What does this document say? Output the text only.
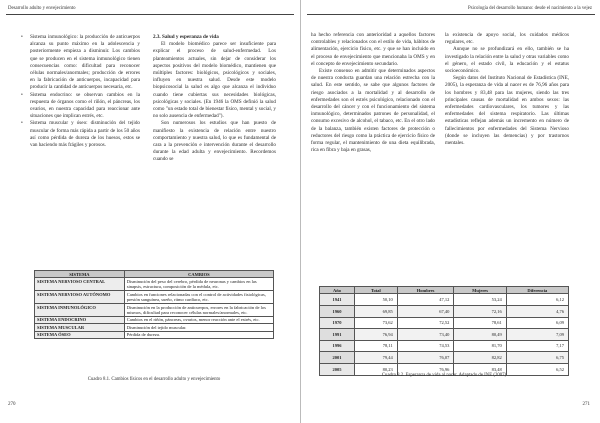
Desarrollo adulto y envejecimiento
• Sistema inmunológico: la producción de anticuerpos alcanza su punto máximo en la adolescencia y posteriormente empieza a disminuir. Los cambios que se producen en el sistema inmunológico tienen consecuencias como: dificultad para reconocer células normales/anormales; producción de errores en la fabricación de anticuerpos, incapacidad para producir la cantidad de anticuerpos necesaria, etc.
• Sistema endocrino: se observan cambios en la respuesta de órganos como el riñón, el páncreas, los ovarios, en nuestra capacidad para reaccionar ante situaciones que implican estrés, etc.
• Sistema muscular y óseo: disminución del tejido muscular de forma más rápida a partir de los 50 años así como pérdida de dureza de los huesos, estos se van haciendo más frágiles y porosos.

2.3. Salud y esperanza de vida

El modelo biomédico parece ser insuficiente para explicar el proceso de salud-enfermedad. Los planteamientos actuales, sin dejar de considerar los aspectos positivos del modelo biomédico, mantienen que múltiples factores: biológicos, psicológicos y sociales, influyen en nuestra salud. Desde este modelo biopsicosocial la salud es algo que alcanza el individuo cuando tiene cubiertas sus necesidades biológicas, psicológicas y sociales. (En 1946 la OMS definió la salud como "un estado total de bienestar físico, mental y social, y no solo ausencia de enfermedad").

Son numerosos los estudios que han puesto de manifiesto la existencia de relación entre nuestro comportamiento y nuestra salud, lo que es fundamental de cara a la prevención e intervención durante el desarrollo durante la edad adulta y envejecimiento. Recordemos cuando se

SISTEMA	CAMBIOS
SISTEMA NERVIOSO CENTRAL	Disminución del peso del cerebro, pérdida de neuronas y cambios en las sinapsis, estructura, composición de la médula, etc.
SISTEMA NERVIOSO AUTÓNOMO	Cambios en funciones relacionadas con el control de actividades fisiológicas, presión sanguínea, sueño, ritmo cardíaco, etc.
SISTEMA INMUNOLÓGICO	Disminución en la producción de anticuerpos, errores en la fabricación de los mismos, dificultad para reconocer células normales/anormales, etc.
SISTEMA ENDOCRINO	Cambios en el riñón, páncreas, ovarios, menor reacción ante el estrés, etc.
SISTEMA MUSCULAR	Disminución del tejido muscular.
SISTEMA ÓSEO	Pérdida de dureza.
Cuadro 8.1. Cambios físicos en el desarrollo adulto y envejecimiento
270
Psicología del desarrollo humano: desde el nacimiento a la vejez

ha hecho referencia con anterioridad a aquellos factores controlables y relacionados con el estilo de vida, hábitos de alimentación, ejercicio físico, etc. y que se han incluido en el proceso de envejecimiento que mencionaba la OMS y en el concepto de envejecimiento secundario.

Existe consenso en admitir que determinados aspectos de nuestra conducta guardan una relación estrecha con la salud. En este sentido, se sabe que algunos factores de riesgo asociados a la mortalidad y al desarrollo de enfermedades son el estrés psicológico, relacionado con el desarrollo del cáncer y con el funcionamiento del sistema inmunológico, determinados patrones de personalidad, el consumo excesivo de alcohol, el tabaco, etc. En el otro lado de la balanza, también existen factores de protección o reductores del riesgo como la práctica de ejercicio físico de forma regular, el mantenimiento de una dieta equilibrada, rica en fibra y baja en grasas,

la existencia de apoyo social, los cuidados médicos regulares, etc.

Aunque no se profundizará en ello, también se ha investigado la relación entre la salud y otras variables como el género, el estado civil, la educación y el estatus socioeconómico.

Según datos del Instituto Nacional de Estadística (INE, 2005), la esperanza de vida al nacer es de 76,96 años para los hombres y 83,48 para las mujeres, siendo las tres principales causas de mortalidad en ambos sexos: las enfermedades cardiovasculares, los tumores y las enfermedades del sistema respiratorio. Las últimas estadísticas reflejan además un incremento en número de fallecimientos por enfermedades del Sistema Nervioso (donde se incluyen las demencias) y por trastornos mentales.

Año	Total	Hombres	Mujeres	Diferencia
1941	50,10	47,12	53,24	6,12
1960	69,85	67,40	72,16	4,76
1970	73,62	72,52	78,61	6,09
1991	76,94	73,40	80,49	7,09
1996	78,11	74,53	81,70	7,17
2001	79,44	76,07	82,82	6,75
2005	80,23	76,96	83,48	6,52
Cuadro 8.2. Esperanza de vida al nacer. Adaptado de INE (2007)
271
